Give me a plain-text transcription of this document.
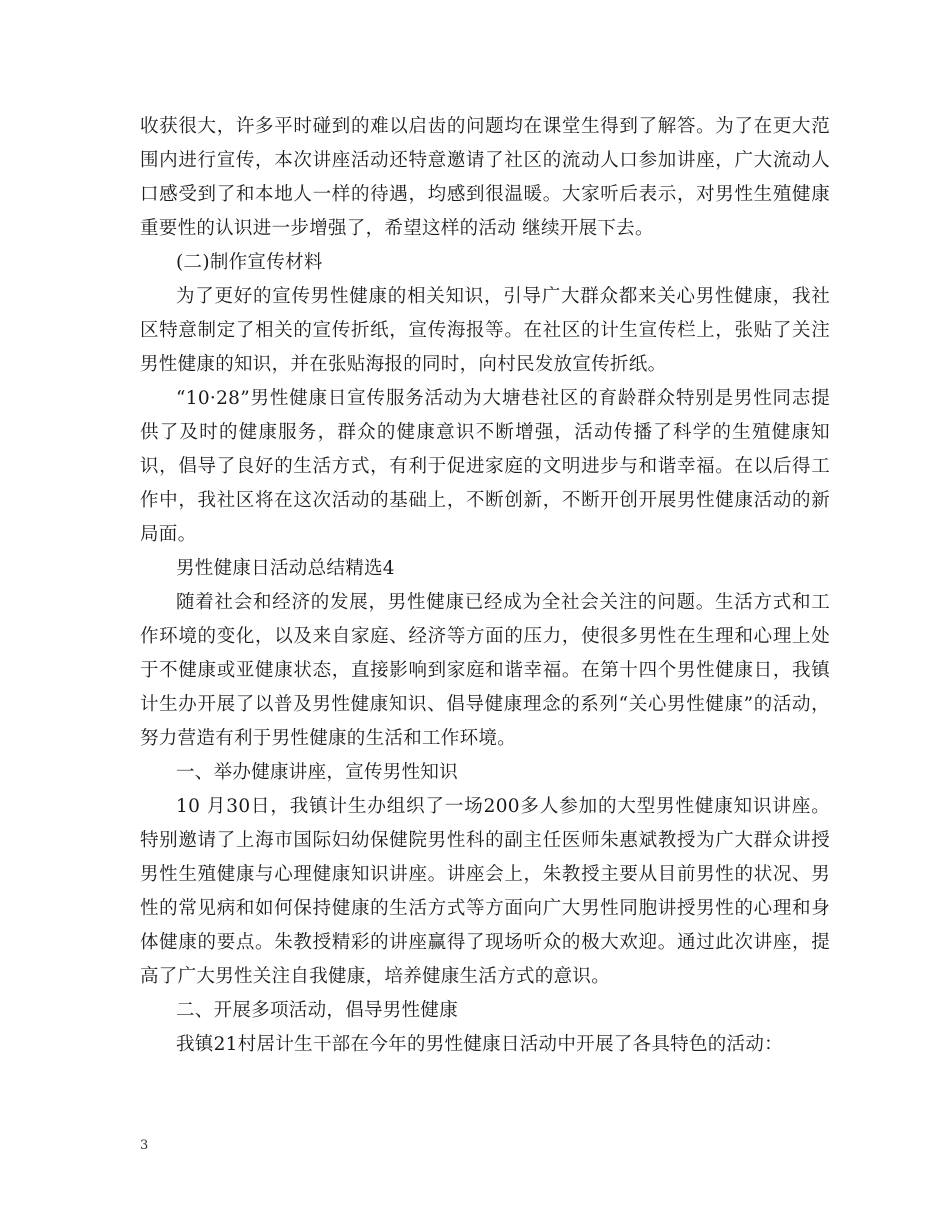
收获很大，许多平时碰到的难以启齿的问题均在课堂生得到了解答。为了在更大范围内进行宣传，本次讲座活动还特意邀请了社区的流动人口参加讲座，广大流动人口感受到了和本地人一样的待遇，均感到很温暖。大家听后表示，对男性生殖健康重要性的认识进一步增强了，希望这样的活动 继续开展下去。

(二)制作宣传材料

为了更好的宣传男性健康的相关知识，引导广大群众都来关心男性健康，我社区特意制定了相关的宣传折纸，宣传海报等。在社区的计生宣传栏上，张贴了关注男性健康的知识，并在张贴海报的同时，向村民发放宣传折纸。

“10·28”男性健康日宣传服务活动为大塘巷社区的育龄群众特别是男性同志提供了及时的健康服务，群众的健康意识不断增强，活动传播了科学的生殖健康知识，倡导了良好的生活方式，有利于促进家庭的文明进步与和谐幸福。在以后得工作中，我社区将在这次活动的基础上，不断创新，不断开创开展男性健康活动的新局面。

男性健康日活动总结精选4

随着社会和经济的发展，男性健康已经成为全社会关注的问题。生活方式和工作环境的变化，以及来自家庭、经济等方面的压力，使很多男性在生理和心理上处于不健康或亚健康状态，直接影响到家庭和谐幸福。在第十四个男性健康日，我镇计生办开展了以普及男性健康知识、倡导健康理念的系列“关心男性健康”的活动，努力营造有利于男性健康的生活和工作环境。

一、举办健康讲座，宣传男性知识

10 月30日，我镇计生办组织了一场200多人参加的大型男性健康知识讲座。特别邀请了上海市国际妇幼保健院男性科的副主任医师朱惠斌教授为广大群众讲授男性生殖健康与心理健康知识讲座。讲座会上，朱教授主要从目前男性的状况、男性的常见病和如何保持健康的生活方式等方面向广大男性同胞讲授男性的心理和身体健康的要点。朱教授精彩的讲座赢得了现场听众的极大欢迎。通过此次讲座，提高了广大男性关注自我健康，培养健康生活方式的意识。

二、开展多项活动，倡导男性健康

我镇21村居计生干部在今年的男性健康日活动中开展了各具特色的活动：

3
